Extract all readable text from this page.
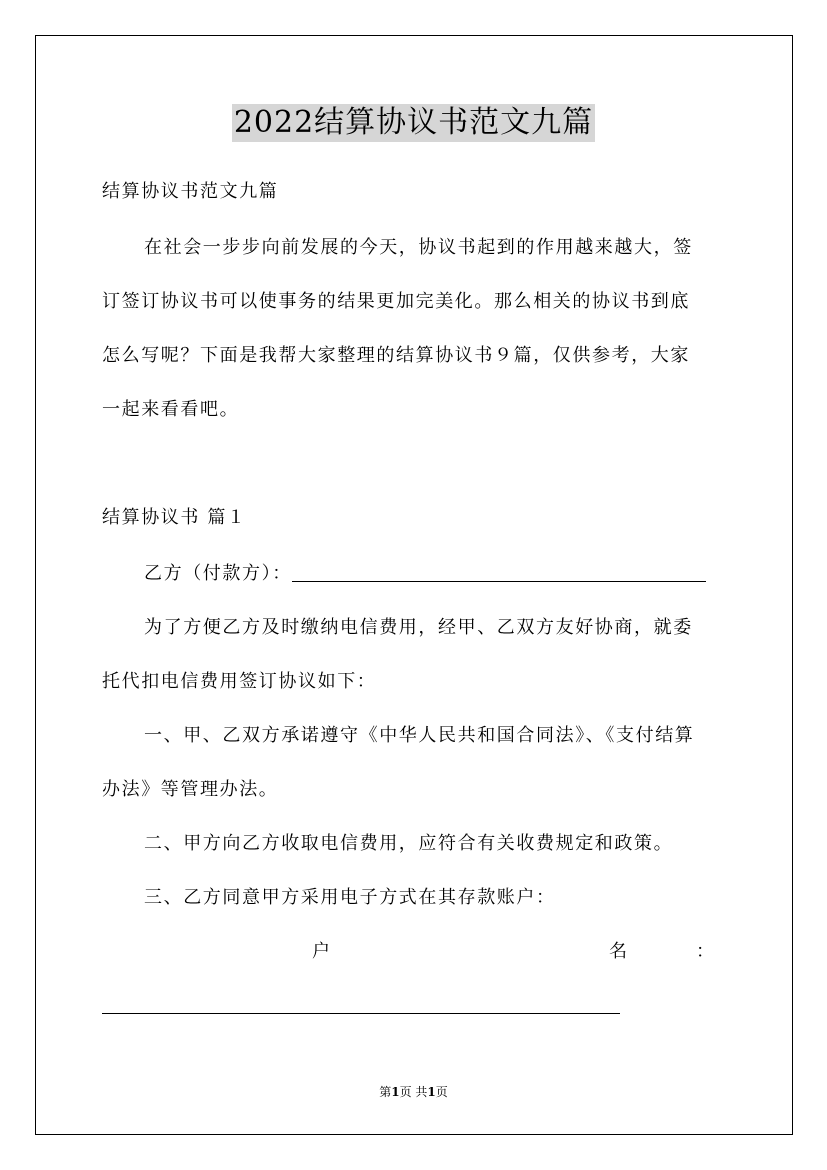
2022结算协议书范文九篇
结算协议书范文九篇
在社会一步步向前发展的今天，协议书起到的作用越来越大，签
订签订协议书可以使事务的结果更加完美化。那么相关的协议书到底
怎么写呢？下面是我帮大家整理的结算协议书９篇，仅供参考，大家
一起来看看吧。
结算协议书 篇１
乙方（付款方）：
为了方便乙方及时缴纳电信费用，经甲、乙双方友好协商，就委
托代扣电信费用签订协议如下：
一、甲、乙双方承诺遵守《中华人民共和国合同法》、《支付结算
办法》等管理办法。
二、甲方向乙方收取电信费用，应符合有关收费规定和政策。
三、乙方同意甲方采用电子方式在其存款账户：
户	名	：
第1页 共1页
